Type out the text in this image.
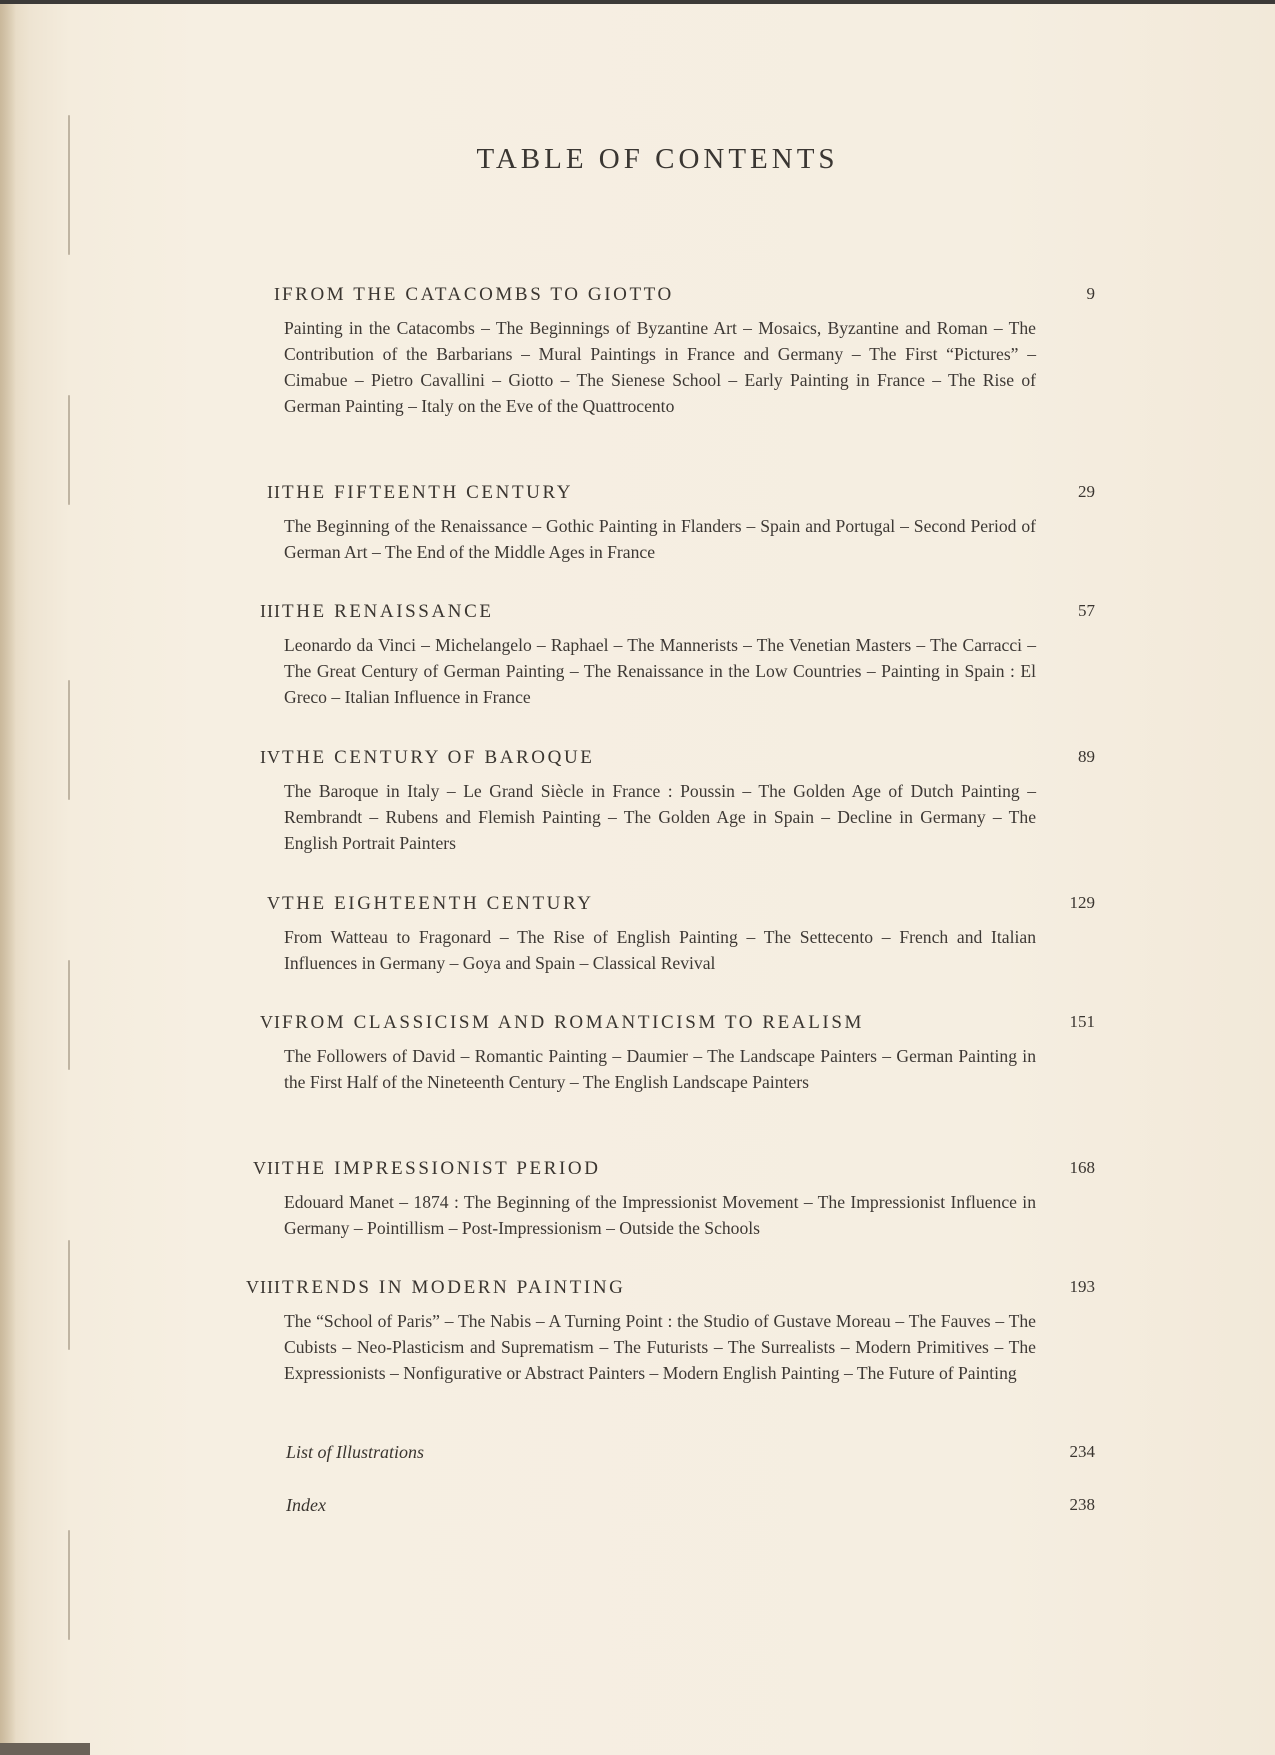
TABLE OF CONTENTS
I FROM THE CATACOMBS TO GIOTTO	9
Painting in the Catacombs – The Beginnings of Byzantine Art – Mosaics, Byzantine and Roman – The Contribution of the Barbarians – Mural Paintings in France and Germany – The First “Pictures” – Cimabue – Pietro Cavallini – Giotto – The Sienese School – Early Painting in France – The Rise of German Painting – Italy on the Eve of the Quattrocento
II THE FIFTEENTH CENTURY	29
The Beginning of the Renaissance – Gothic Painting in Flanders – Spain and Portugal – Second Period of German Art – The End of the Middle Ages in France
III THE RENAISSANCE	57
Leonardo da Vinci – Michelangelo – Raphael – The Mannerists – The Venetian Masters – The Carracci – The Great Century of German Painting – The Renaissance in the Low Countries – Painting in Spain : El Greco – Italian Influence in France
IV THE CENTURY OF BAROQUE	89
The Baroque in Italy – Le Grand Siècle in France : Poussin – The Golden Age of Dutch Painting – Rembrandt – Rubens and Flemish Painting – The Golden Age in Spain – Decline in Germany – The English Portrait Painters
V THE EIGHTEENTH CENTURY	129
From Watteau to Fragonard – The Rise of English Painting – The Settecento – French and Italian Influences in Germany – Goya and Spain – Classical Revival
VI FROM CLASSICISM AND ROMANTICISM TO REALISM	151
The Followers of David – Romantic Painting – Daumier – The Landscape Painters – German Painting in the First Half of the Nineteenth Century – The English Landscape Painters
VII THE IMPRESSIONIST PERIOD	168
Edouard Manet – 1874 : The Beginning of the Impressionist Movement – The Impressionist Influence in Germany – Pointillism – Post-Impressionism – Outside the Schools
VIII TRENDS IN MODERN PAINTING	193
The “School of Paris” – The Nabis – A Turning Point : the Studio of Gustave Moreau – The Fauves – The Cubists – Neo-Plasticism and Suprematism – The Futurists – The Surrealists – Modern Primitives – The Expressionists – Nonfigurative or Abstract Painters – Modern English Painting – The Future of Painting
List of Illustrations	234
Index	238
